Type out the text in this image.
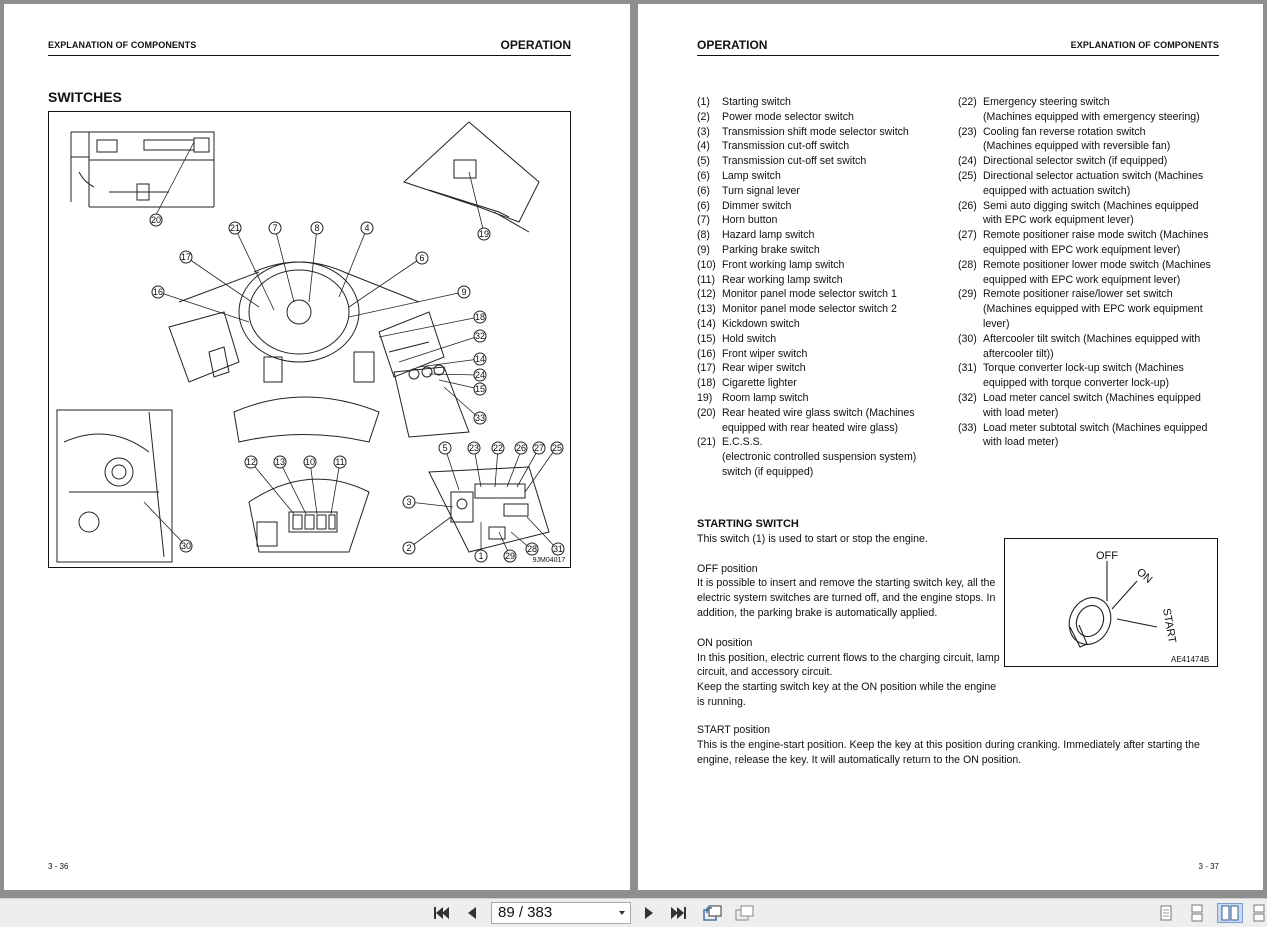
EXPLANATION OF COMPONENTS	OPERATION
SWITCHES
20
19
21	7	8	4
17	6
16	9
18
32
14
24
15
33
5 23 22 26 27 25
12 13 10 11
3
2
1 29
28 31
30
9JM04017
3 - 36
OPERATION	EXPLANATION OF COMPONENTS
(1)	Starting switch
(2)	Power mode selector switch
(3)	Transmission shift mode selector switch
(4)	Transmission cut-off switch
(5)	Transmission cut-off set switch
(6)	Lamp switch
(6)	Turn signal lever
(6)	Dimmer switch
(7)	Horn button
(8)	Hazard lamp switch
(9)	Parking brake switch
(10) Front working lamp switch
(11) Rear working lamp switch
(12) Monitor panel mode selector switch 1
(13) Monitor panel mode selector switch 2
(14) Kickdown switch
(15) Hold switch
(16) Front wiper switch
(17) Rear wiper switch
(18) Cigarette lighter
19) Room lamp switch
(20) Rear heated wire glass switch (Machines equipped with rear heated wire glass)
(21) E.C.S.S.
(electronic controlled suspension system) switch (if equipped)
(22) Emergency steering switch
(Machines equipped with emergency steering)
(23) Cooling fan reverse rotation switch
(Machines equipped with reversible fan)
(24) Directional selector switch (if equipped)
(25) Directional selector actuation switch (Machines equipped with actuation switch)
(26) Semi auto digging switch (Machines equipped with EPC work equipment lever)
(27) Remote positioner raise mode switch (Machines equipped with EPC work equipment lever)
(28) Remote positioner lower mode switch (Machines equipped with EPC work equipment lever)
(29) Remote positioner raise/lower set switch (Machines equipped with EPC work equipment lever)
(30) Aftercooler tilt switch (Machines equipped with aftercooler tilt))
(31) Torque converter lock-up switch (Machines equipped with torque converter lock-up)
(32) Load meter cancel switch (Machines equipped with load meter)
(33) Load meter subtotal switch (Machines equipped with load meter)
STARTING SWITCH
This switch (1) is used to start or stop the engine.
OFF position
It is possible to insert and remove the starting switch key, all the electric system switches are turned off, and the engine stops. In addition, the parking brake is automatically applied.
ON position
In this position, electric current flows to the charging circuit, lamp circuit, and accessory circuit.
Keep the starting switch key at the ON position while the engine is running.
START position
This is the engine-start position. Keep the key at this position during cranking. Immediately after starting the engine, release the key. It will automatically return to the ON position.
OFF
ON
START
AE41474B
3 - 37
89 / 383
